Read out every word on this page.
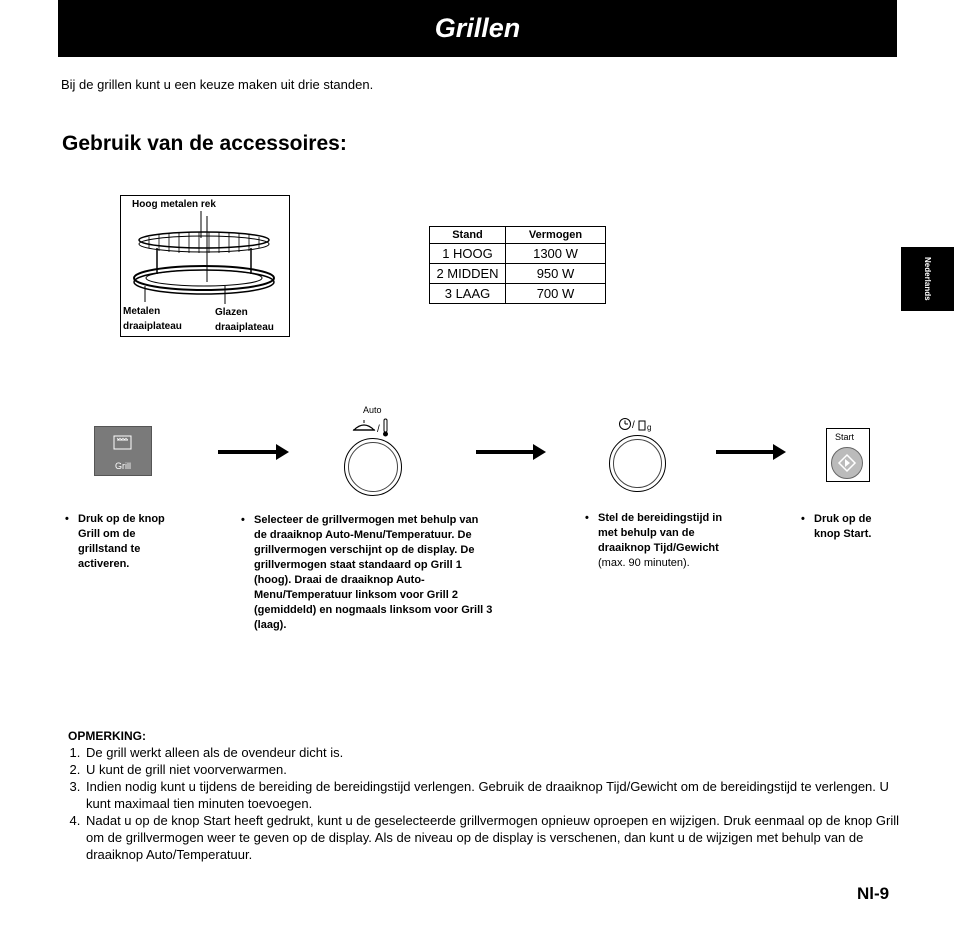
Grillen
Bij de grillen kunt u een keuze maken uit drie standen.
Gebruik van de accessoires:
Nederlands
Hoog metalen rek
Metalen
draaiplateau
Glazen
draaiplateau
Stand	Vermogen
1 HOOG	1300 W
2 MIDDEN	950 W
3 LAAG	700 W
Grill
Auto
/	/ g
Start
• Druk op de knop Grill om de grillstand te activeren.
• Selecteer de grillvermogen met behulp van de draaiknop Auto-Menu/Temperatuur. De grillvermogen verschijnt op de display. De grillvermogen staat standaard op Grill 1 (hoog). Draai de draaiknop Auto-Menu/Temperatuur linksom voor Grill 2 (gemiddeld) en nogmaals linksom voor Grill 3 (laag).
• Stel de bereidingstijd in met behulp van de draaiknop Tijd/Gewicht
(max. 90 minuten).
• Druk op de knop Start.
OPMERKING:
1. De grill werkt alleen als de ovendeur dicht is.
2. U kunt de grill niet voorverwarmen.
3. Indien nodig kunt u tijdens de bereiding de bereidingstijd verlengen. Gebruik de draaiknop Tijd/Gewicht om de bereidingstijd te verlengen. U kunt maximaal tien minuten toevoegen.
4. Nadat u op de knop Start heeft gedrukt, kunt u de geselecteerde grillvermogen opnieuw oproepen en wijzigen. Druk eenmaal op de knop Grill om de grillvermogen weer te geven op de display. Als de niveau op de display is verschenen, dan kunt u de wijzigen met behulp van de draaiknop Auto/Temperatuur.
Nl-9
